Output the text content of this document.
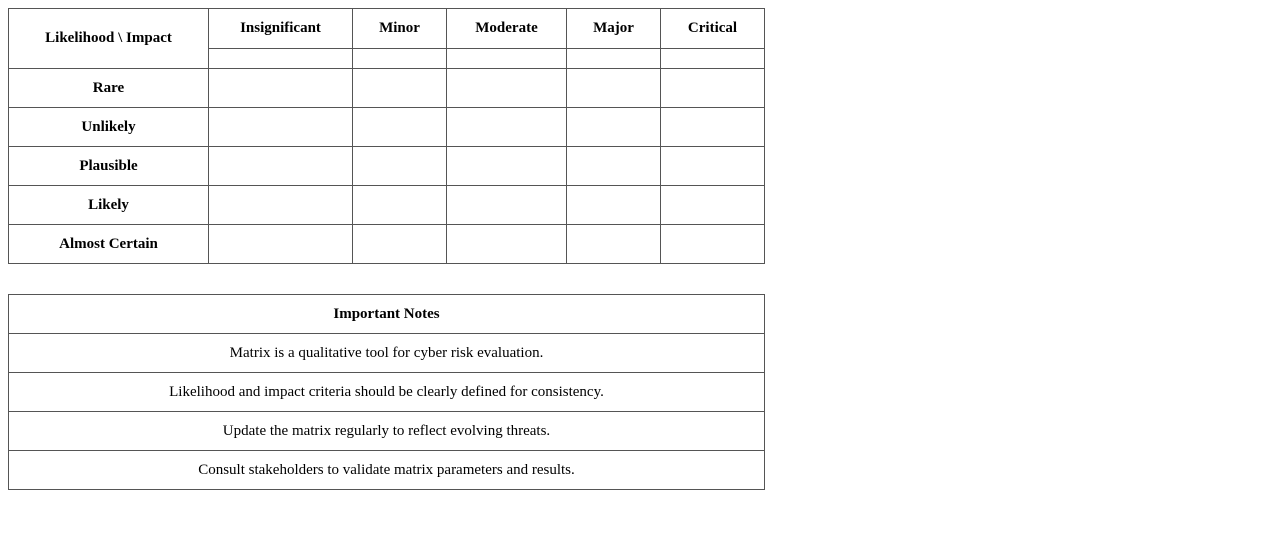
Likelihood \ Impact	Insignificant	Minor	Moderate	Major	Critical

Rare					
Unlikely					
Plausible					
Likely					
Almost Certain					
Important Notes
Matrix is a qualitative tool for cyber risk evaluation.
Likelihood and impact criteria should be clearly defined for consistency.
Update the matrix regularly to reflect evolving threats.
Consult stakeholders to validate matrix parameters and results.
